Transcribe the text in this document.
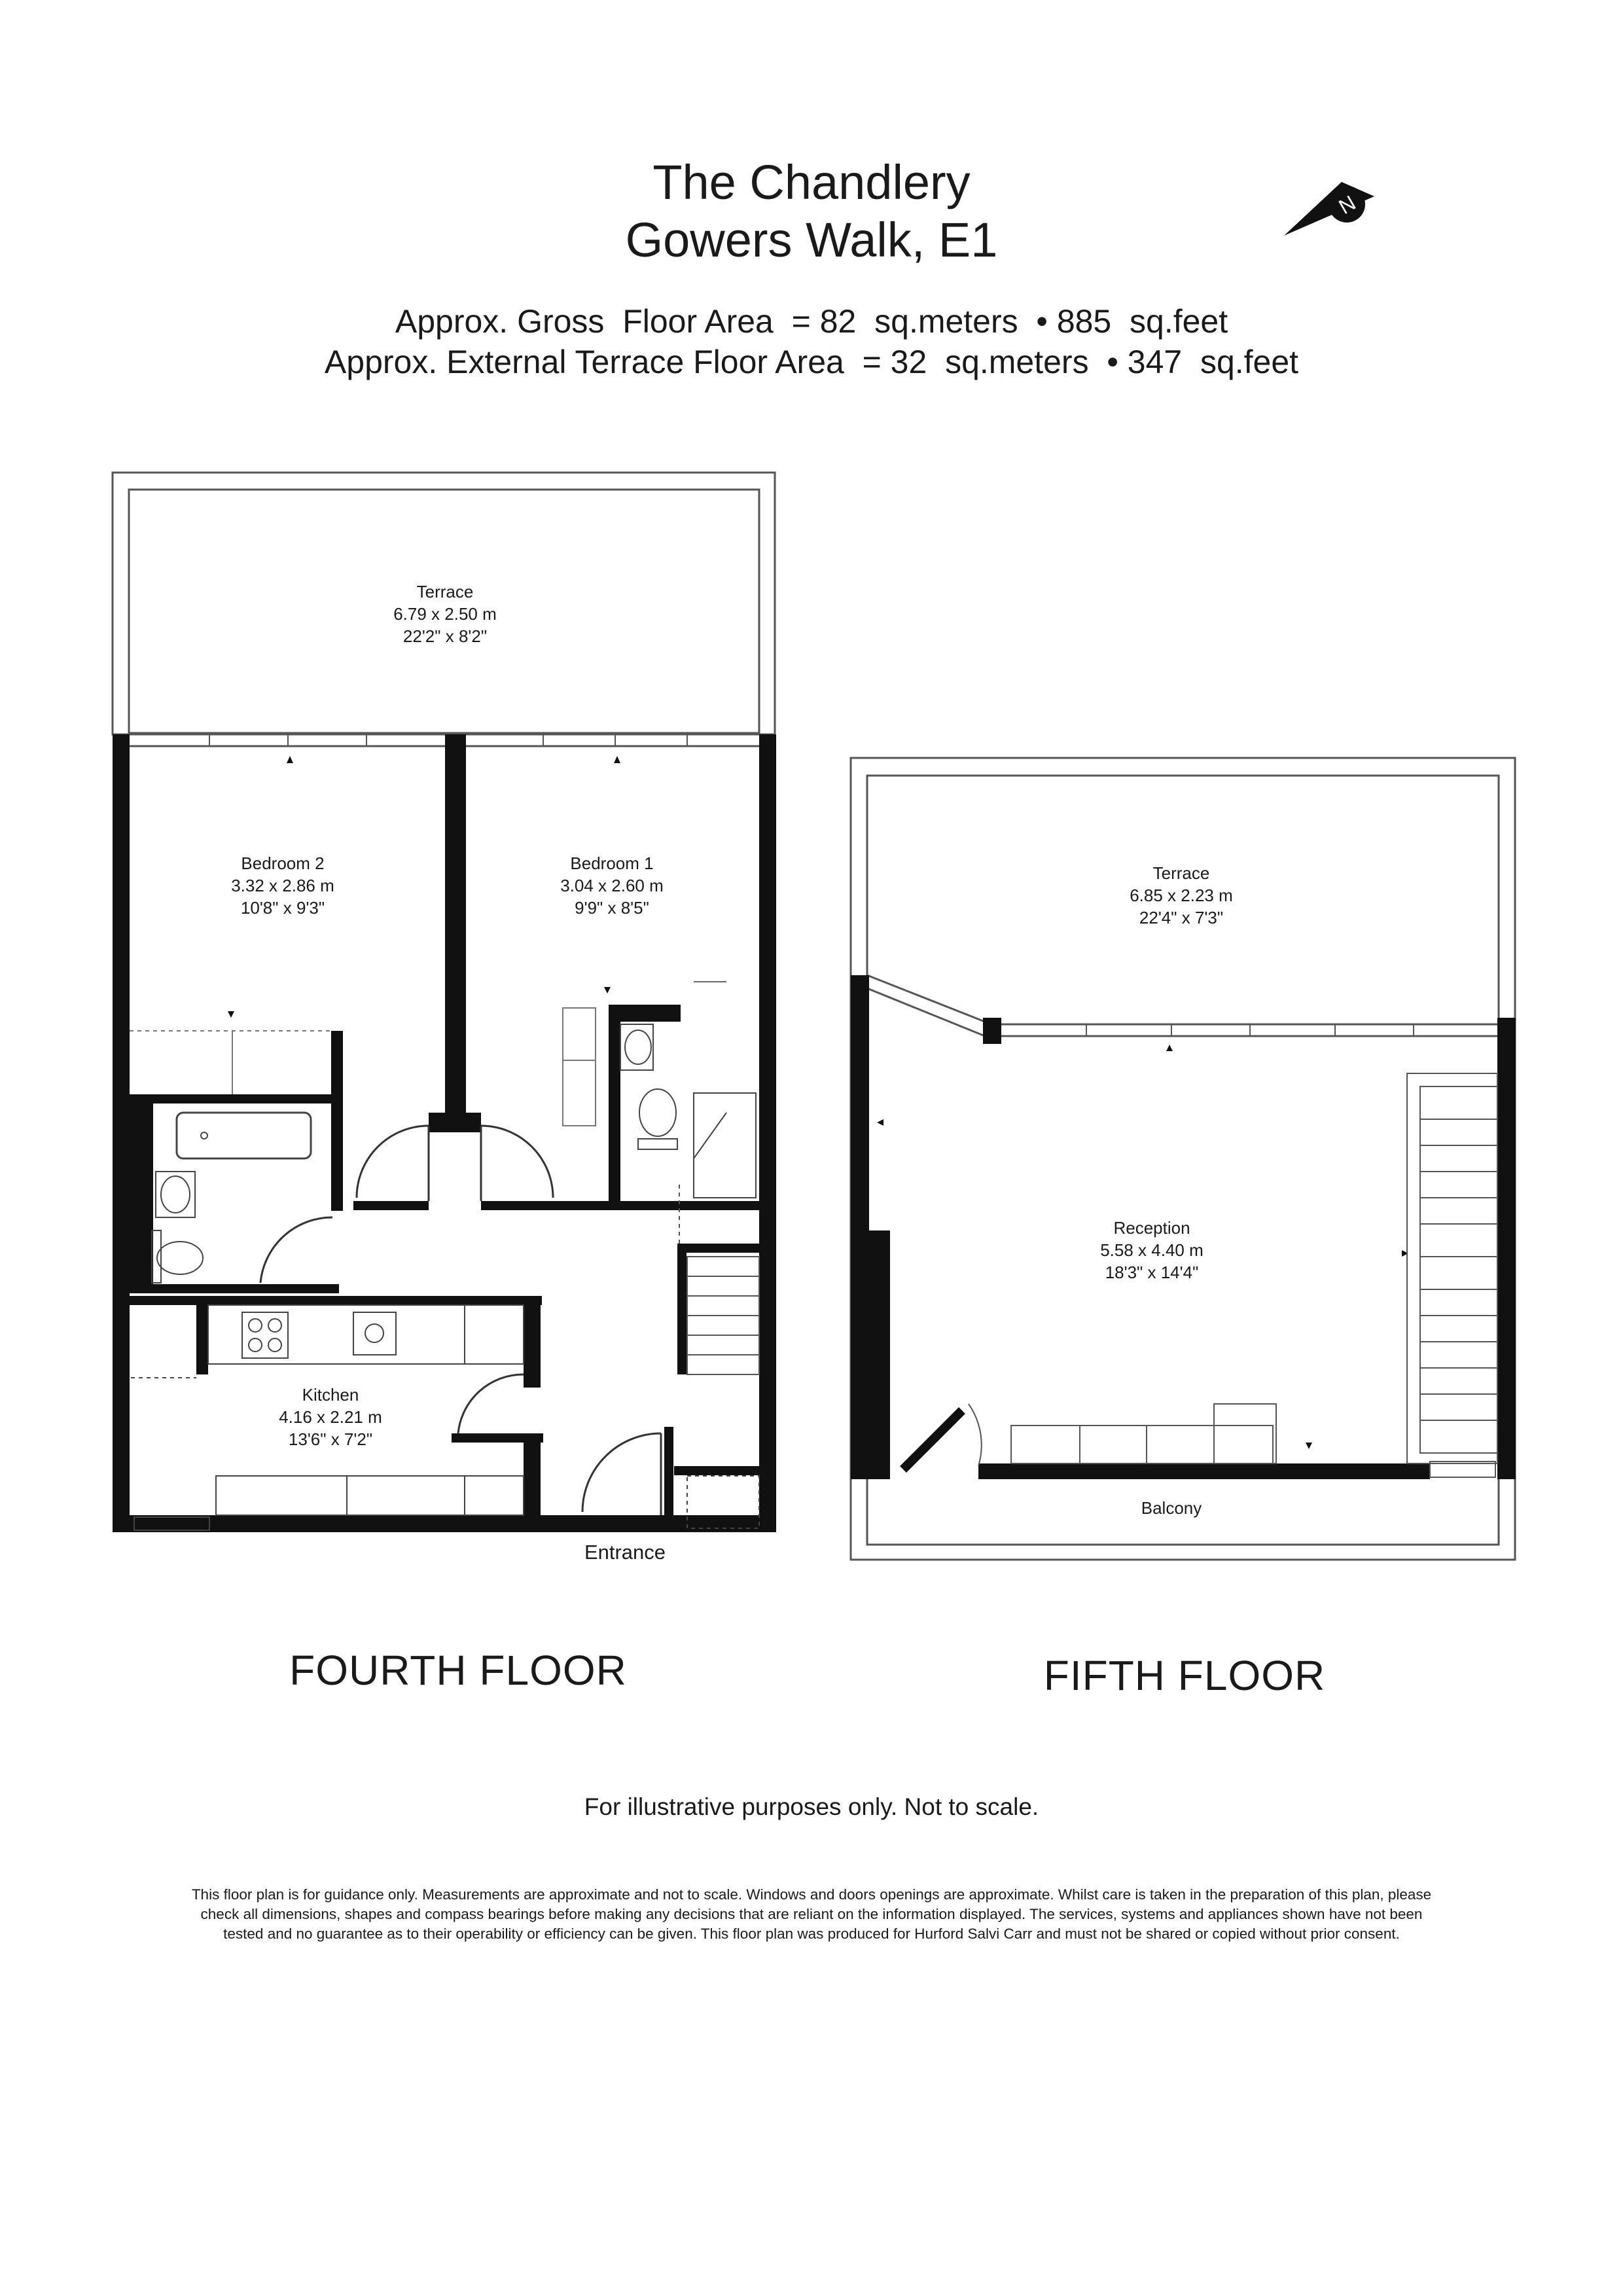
The Chandlery
Gowers Walk, E1
Approx. Gross  Floor Area  = 82  sq.meters  • 885  sq.feet
Approx. External Terrace Floor Area  = 32  sq.meters  • 347  sq.feet
N
Terrace
6.79 x 2.50 m
22'2" x 8'2"
Bedroom 2
3.32 x 2.86 m
10'8" x 9'3"
Bedroom 1
3.04 x 2.60 m
9'9" x 8'5"
Kitchen
4.16 x 2.21 m
13'6" x 7'2"
Entrance
Terrace
6.85 x 2.23 m
22'4" x 7'3"
Reception
5.58 x 4.40 m
18'3" x 14'4"
Balcony
FOURTH FLOOR	FIFTH FLOOR
For illustrative purposes only. Not to scale.
This floor plan is for guidance only. Measurements are approximate and not to scale. Windows and doors openings are approximate. Whilst care is taken in the preparation of this plan, please
check all dimensions, shapes and compass bearings before making any decisions that are reliant on the information displayed. The services, systems and appliances shown have not been
tested and no guarantee as to their operability or efficiency can be given. This floor plan was produced for Hurford Salvi Carr and must not be shared or copied without prior consent.
